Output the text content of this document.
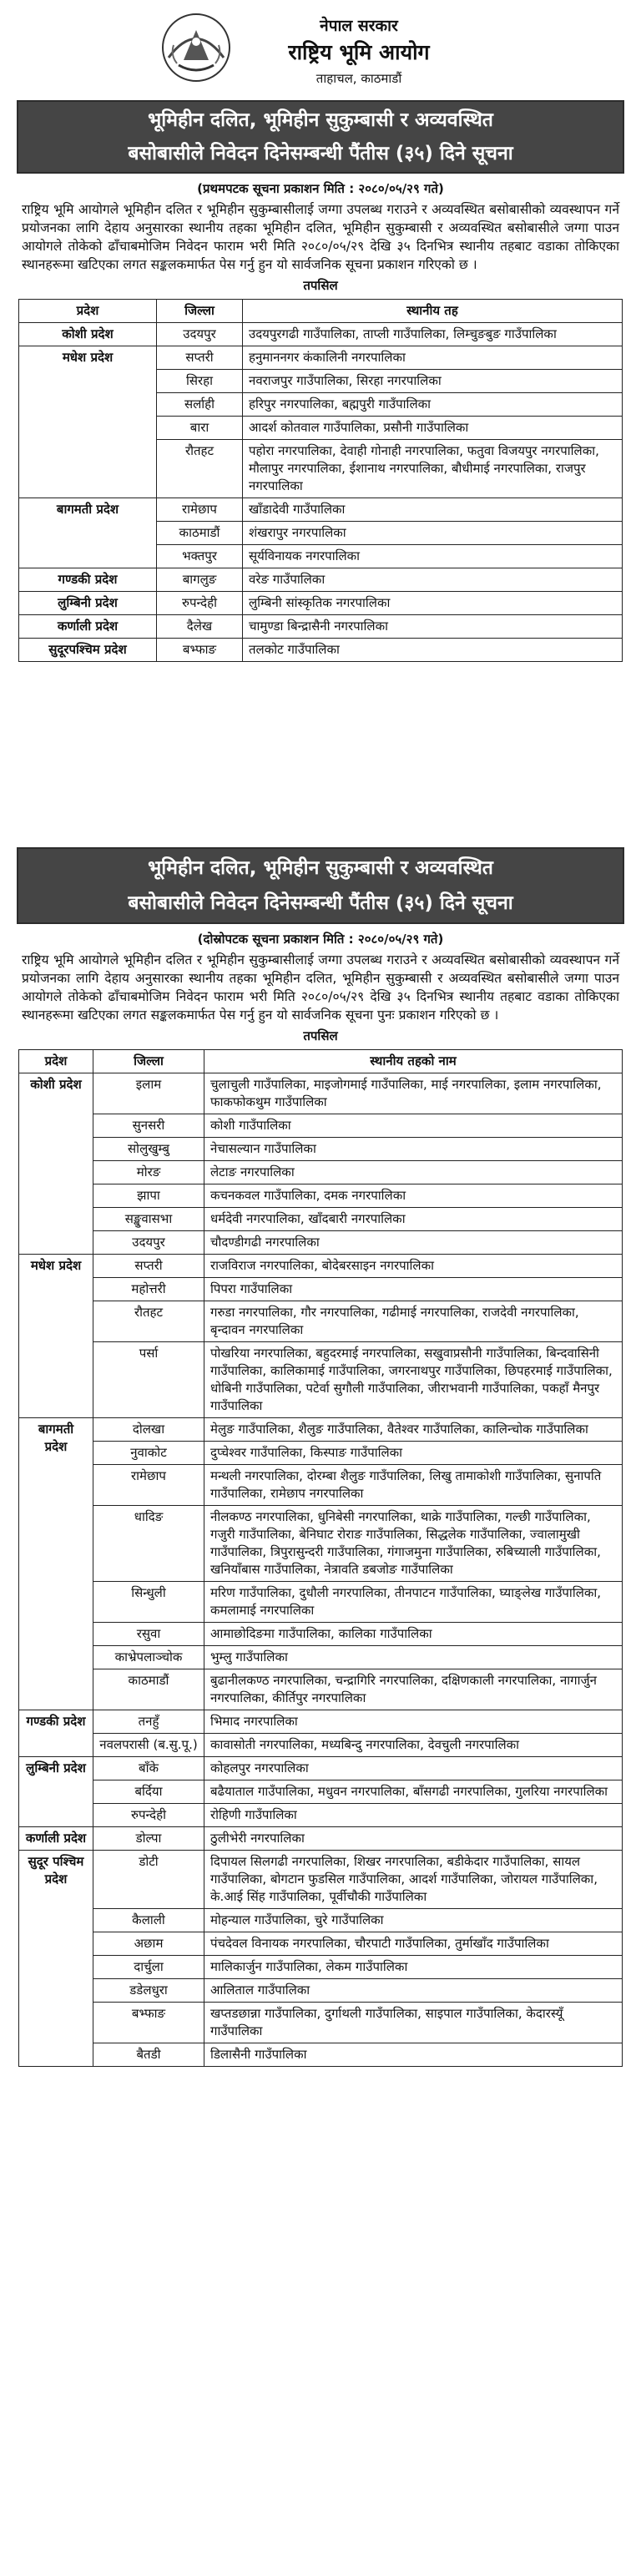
नेपाल सरकार
राष्ट्रिय भूमि आयोग
ताहाचल, काठमाडौं
भूमिहीन दलित, भूमिहीन सुकुम्बासी र अव्यवस्थित
बसोबासीले निवेदन दिनेसम्बन्धी पैंतीस (३५) दिने सूचना
(प्रथमपटक सूचना प्रकाशन मिति : २०८०/०५/२९ गते)
राष्ट्रिय भूमि आयोगले भूमिहीन दलित र भूमिहीन सुकुम्बासीलाई जग्गा उपलब्ध गराउने र अव्यवस्थित बसोबासीको व्यवस्थापन गर्ने प्रयोजनका लागि देहाय अनुसारका स्थानीय तहका भूमिहीन दलित, भूमिहीन सुकुम्बासी र अव्यवस्थित बसोबासीले जग्गा पाउन आयोगले तोकेको ढाँचाबमोजिम निवेदन फाराम भरी मिति २०८०/०५/२९ देखि ३५ दिनभित्र स्थानीय तहबाट वडाका तोकिएका स्थानहरूमा खटिएका लगत सङ्कलकमार्फत पेस गर्नु हुन यो सार्वजनिक सूचना प्रकाशन गरिएको छ ।
तपसिल
प्रदेश	जिल्ला	स्थानीय तह
कोशी प्रदेश	उदयपुर	उदयपुरगढी गाउँपालिका, ताप्ली गाउँपालिका, लिम्चुङबुङ गाउँपालिका
मधेश प्रदेश	सप्तरी	हनुमाननगर कंकालिनी नगरपालिका
	सिरहा	नवराजपुर गाउँपालिका, सिरहा नगरपालिका
	सर्लाही	हरिपुर नगरपालिका, बह्मपुरी गाउँपालिका
	बारा	आदर्श कोतवाल गाउँपालिका, प्रसौनी गाउँपालिका
	रौतहट	पहोरा नगरपालिका, देवाही गोनाही नगरपालिका, फतुवा विजयपुर नगरपालिका, मौलापुर नगरपालिका, ईशानाथ नगरपालिका, बौधीमाई नगरपालिका, राजपुर नगरपालिका
बागमती प्रदेश	रामेछाप	खाँडादेवी गाउँपालिका
	काठमाडौं	शंखरापुर नगरपालिका
	भक्तपुर	सूर्यविनायक नगरपालिका
गण्डकी प्रदेश	बागलुङ	वरेङ गाउँपालिका
लुम्बिनी प्रदेश	रुपन्देही	लुम्बिनी सांस्कृतिक नगरपालिका
कर्णाली प्रदेश	दैलेख	चामुण्डा बिन्द्रासैनी नगरपालिका
सुदूरपश्चिम प्रदेश	बभ्फाङ	तलकोट गाउँपालिका
भूमिहीन दलित, भूमिहीन सुकुम्बासी र अव्यवस्थित
बसोबासीले निवेदन दिनेसम्बन्धी पैंतीस (३५) दिने सूचना
(दोस्रोपटक सूचना प्रकाशन मिति : २०८०/०५/२९ गते)
राष्ट्रिय भूमि आयोगले भूमिहीन दलित र भूमिहीन सुकुम्बासीलाई जग्गा उपलब्ध गराउने र अव्यवस्थित बसोबासीको व्यवस्थापन गर्ने प्रयोजनका लागि देहाय अनुसारका स्थानीय तहका भूमिहीन दलित, भूमिहीन सुकुम्बासी र अव्यवस्थित बसोबासीले जग्गा पाउन आयोगले तोकेको ढाँचाबमोजिम निवेदन फाराम भरी मिति २०८०/०५/२९ देखि ३५ दिनभित्र स्थानीय तहबाट वडाका तोकिएका स्थानहरूमा खटिएका लगत सङ्कलकमार्फत पेस गर्नु हुन यो सार्वजनिक सूचना पुनः प्रकाशन गरिएको छ ।
तपसिल
प्रदेश	जिल्ला	स्थानीय तहको नाम
कोशी प्रदेश	इलाम	चुलाचुली गाउँपालिका, माइजोगमाई गाउँपालिका, माई नगरपालिका, इलाम नगरपालिका, फाकफोकथुम गाउँपालिका
	सुनसरी	कोशी गाउँपालिका
	सोलुखुम्बु	नेचासल्यान गाउँपालिका
	मोरङ	लेटाङ नगरपालिका
	झापा	कचनकवल गाउँपालिका, दमक नगरपालिका
	सङ्खुवासभा	धर्मदेवी नगरपालिका, खाँदबारी नगरपालिका
	उदयपुर	चौदण्डीगढी नगरपालिका
मधेश प्रदेश	सप्तरी	राजविराज नगरपालिका, बोदेबरसाइन नगरपालिका
	महोत्तरी	पिपरा गाउँपालिका
	रौतहट	गरुडा नगरपालिका, गौर नगरपालिका, गढीमाई नगरपालिका, राजदेवी नगरपालिका, बृन्दावन नगरपालिका
	पर्सा	पोखरिया नगरपालिका, बहुदरमाई नगरपालिका, सखुवाप्रसौनी गाउँपालिका, बिन्दवासिनी गाउँपालिका, कालिकामाई गाउँपालिका, जगरनाथपुर गाउँपालिका, छिपहरमाई गाउँपालिका, धोबिनी गाउँपालिका, पटेर्वा सुगौली गाउँपालिका, जीराभवानी गाउँपालिका, पकहाँ मैनपुर गाउँपालिका
बागमती प्रदेश	दोलखा	मेलुङ गाउँपालिका, शैलुङ गाउँपालिका, वैतेश्वर गाउँपालिका, कालिन्चोक गाउँपालिका
	नुवाकोट	दुप्चेश्वर गाउँपालिका, किस्पाङ गाउँपालिका
	रामेछाप	मन्थली नगरपालिका, दोरम्बा शैलुङ गाउँपालिका, लिखु तामाकोशी गाउँपालिका, सुनापति गाउँपालिका, रामेछाप नगरपालिका
	धादिङ	नीलकण्ठ नगरपालिका, धुनिबेसी नगरपालिका, थाक्रे गाउँपालिका, गल्छी गाउँपालिका, गजुरी गाउँपालिका, बेनिघाट रोराङ गाउँपालिका, सिद्धलेक गाउँपालिका, ज्वालामुखी गाउँपालिका, त्रिपुरासुन्दरी गाउँपालिका, गंगाजमुना गाउँपालिका, रुबिच्याली गाउँपालिका, खनियाँबास गाउँपालिका, नेत्रावति डबजोङ गाउँपालिका
	सिन्धुली	मरिण गाउँपालिका, दुधौली नगरपालिका, तीनपाटन गाउँपालिका, घ्याङ्लेख गाउँपालिका, कमलामाई नगरपालिका
	रसुवा	आमाछोदिङमा गाउँपालिका, कालिका गाउँपालिका
	काभ्रेपलाञ्चोक	भुम्लु गाउँपालिका
	काठमाडौं	बुढानीलकण्ठ नगरपालिका, चन्द्रागिरि नगरपालिका, दक्षिणकाली नगरपालिका, नागार्जुन नगरपालिका, कीर्तिपुर नगरपालिका
गण्डकी प्रदेश	तनहुँ	भिमाद नगरपालिका
	नवलपरासी (ब.सु.पू.)	कावासोती नगरपालिका, मध्यबिन्दु नगरपालिका, देवचुली नगरपालिका
लुम्बिनी प्रदेश	बाँके	कोहलपुर नगरपालिका
	बर्दिया	बढैयाताल गाउँपालिका, मधुवन नगरपालिका, बाँसगढी नगरपालिका, गुलरिया नगरपालिका
	रुपन्देही	रोहिणी गाउँपालिका
कर्णाली प्रदेश	डोल्पा	ठुलीभेरी नगरपालिका
सुदूर पश्चिम प्रदेश	डोटी	दिपायल सिलगढी नगरपालिका, शिखर नगरपालिका, बडीकेदार गाउँपालिका, सायल गाउँपालिका, बोगटान फुडसिल गाउँपालिका, आदर्श गाउँपालिका, जोरायल गाउँपालिका, के.आई सिंह गाउँपालिका, पूर्वीचौकी गाउँपालिका
	कैलाली	मोहन्याल गाउँपालिका, चुरे गाउँपालिका
	अछाम	पंचदेवल विनायक नगरपालिका, चौरपाटी गाउँपालिका, तुर्माखाँद गाउँपालिका
	दार्चुला	मालिकार्जुन गाउँपालिका, लेकम गाउँपालिका
	डडेलधुरा	आलिताल गाउँपालिका
	बभ्फाङ	खप्तडछान्ना गाउँपालिका, दुर्गाथली गाउँपालिका, साइपाल गाउँपालिका, केदारस्यूँ गाउँपालिका
	बैतडी	डिलासैनी गाउँपालिका
